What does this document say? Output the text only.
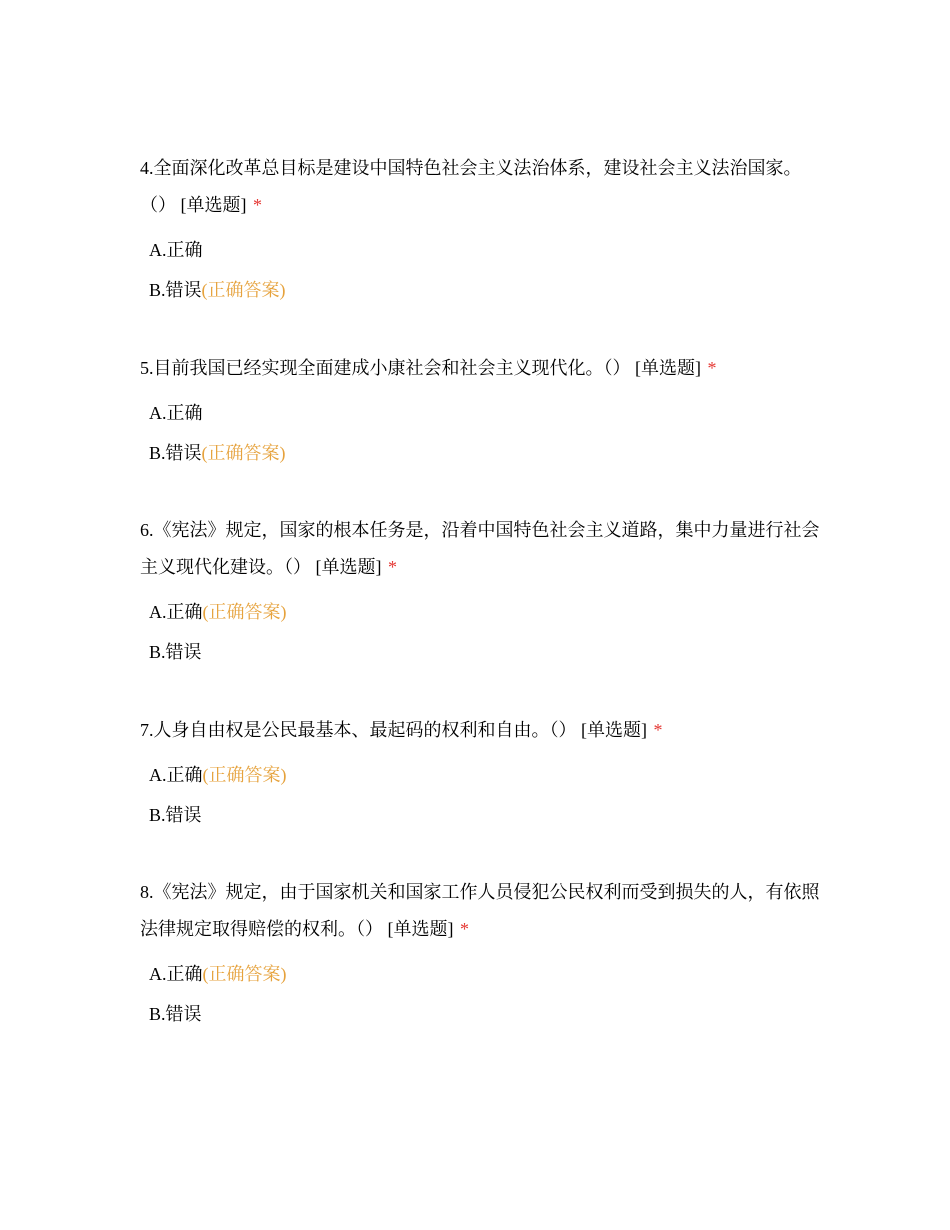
4.全面深化改革总目标是建设中国特色社会主义法治体系，建设社会主义法治国家。（） [单选题] *

A.正确
B.错误(正确答案)

5.目前我国已经实现全面建成小康社会和社会主义现代化。（） [单选题] *

A.正确
B.错误(正确答案)

6.《宪法》规定，国家的根本任务是，沿着中国特色社会主义道路，集中力量进行社会主义现代化建设。（） [单选题] *

A.正确(正确答案)
B.错误

7.人身自由权是公民最基本、最起码的权利和自由。（） [单选题] *

A.正确(正确答案)
B.错误

8.《宪法》规定，由于国家机关和国家工作人员侵犯公民权利而受到损失的人，有依照法律规定取得赔偿的权利。（） [单选题] *

A.正确(正确答案)
B.错误
